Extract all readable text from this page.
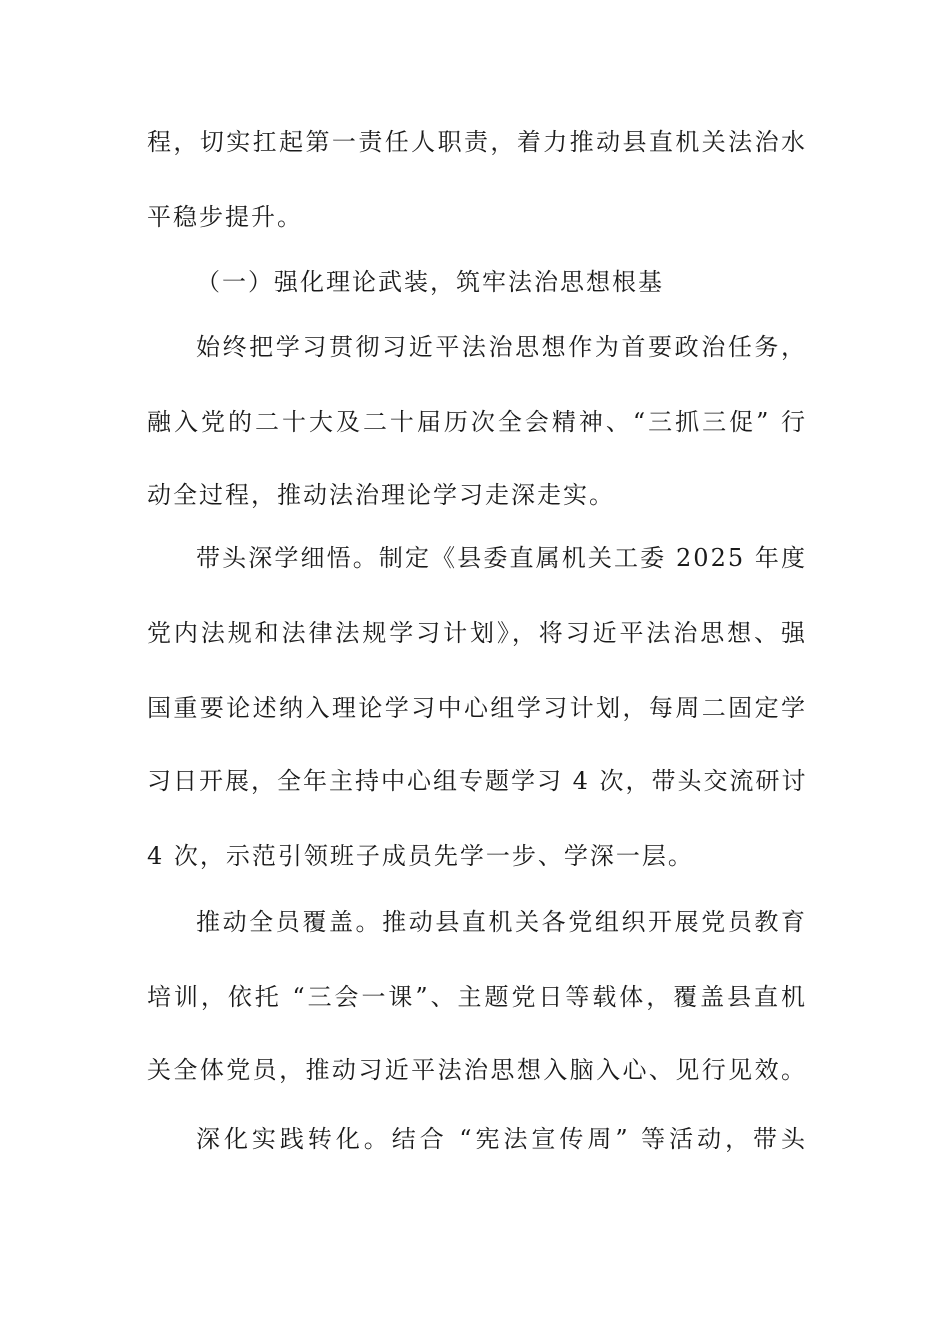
程，切实扛起第一责任人职责，着力推动县直机关法治水
平稳步提升。
（一）强化理论武装，筑牢法治思想根基
始终把学习贯彻习近平法治思想作为首要政治任务，
融入党的二十大及二十届历次全会精神、“三抓三促” 行
动全过程，推动法治理论学习走深走实。
带头深学细悟。制定《县委直属机关工委 2025 年度
党内法规和法律法规学习计划》，将习近平法治思想、强
国重要论述纳入理论学习中心组学习计划，每周二固定学
习日开展，全年主持中心组专题学习 4 次，带头交流研讨
4 次，示范引领班子成员先学一步、学深一层。
推动全员覆盖。推动县直机关各党组织开展党员教育
培训，依托 “三会一课”、主题党日等载体，覆盖县直机
关全体党员，推动习近平法治思想入脑入心、见行见效。
深化实践转化。结合 “宪法宣传周” 等活动，带头
